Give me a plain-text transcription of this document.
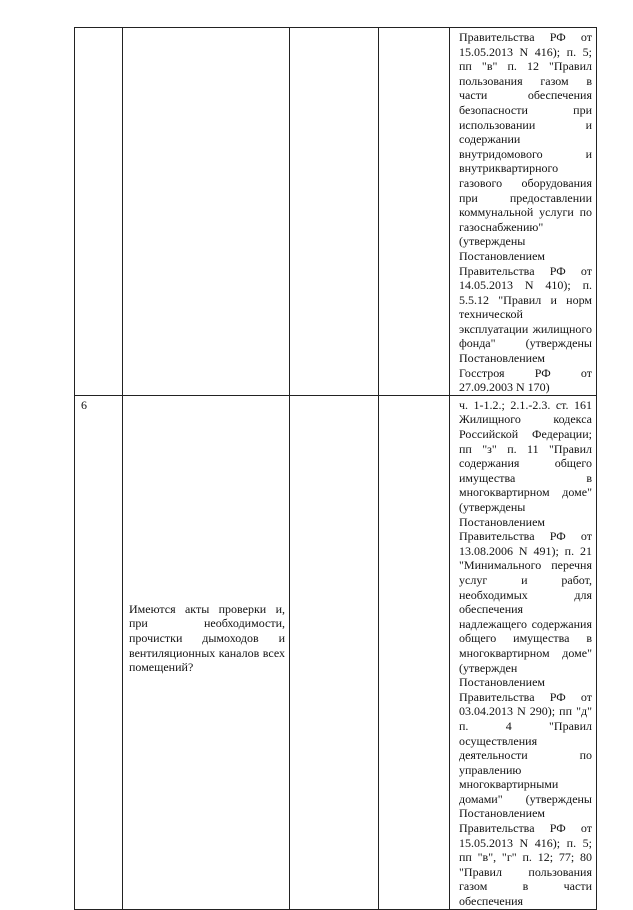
				Правительства РФ от 15.05.2013 N 416); п. 5; пп "в" п. 12 "Правил пользования газом в части обеспечения безопасности при использовании и содержании внутридомового и внутриквартирного газового оборудования при предоставлении коммунальной услуги по газоснабжению" (утверждены Постановлением Правительства РФ от 14.05.2013 N 410); п. 5.5.12 "Правил и норм технической эксплуатации жилищного фонда" (утверждены Постановлением Госстроя РФ от 27.09.2003 N 170)

6	Имеются акты проверки и, при необходимости, прочистки дымоходов и вентиляционных каналов всех помещений?			ч. 1-1.2.; 2.1.-2.3. ст. 161 Жилищного кодекса Российской Федерации; пп "з" п. 11 "Правил содержания общего имущества в многоквартирном доме" (утверждены Постановлением Правительства РФ от 13.08.2006 N 491); п. 21 "Минимального перечня услуг и работ, необходимых для обеспечения надлежащего содержания общего имущества в многоквартирном доме" (утвержден Постановлением Правительства РФ от 03.04.2013 N 290); пп "д" п. 4 "Правил осуществления деятельности по управлению многоквартирными домами" (утверждены Постановлением Правительства РФ от 15.05.2013 N 416); п. 5; пп "в", "г" п. 12; 77; 80 "Правил пользования газом в части обеспечения
